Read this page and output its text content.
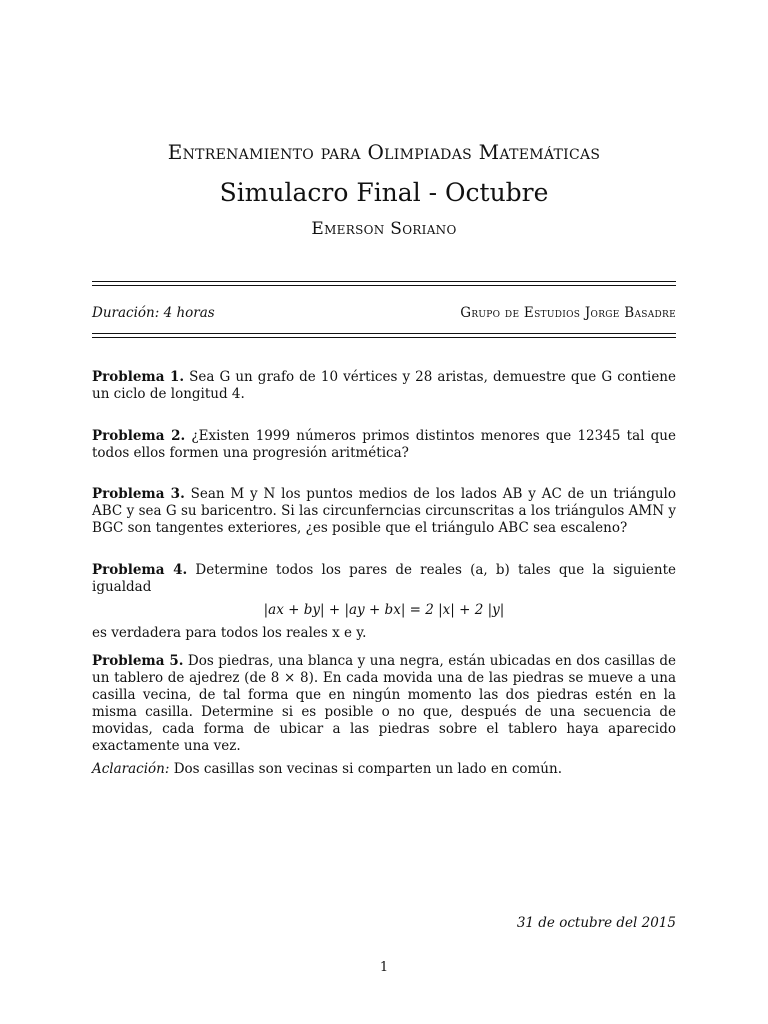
Entrenamiento para Olimpiadas Matemáticas
Simulacro Final - Octubre
Emerson Soriano
Duración: 4 horas	Grupo de Estudios Jorge Basadre
Problema 1. Sea G un grafo de 10 vértices y 28 aristas, demuestre que G contiene un ciclo de longitud 4.
Problema 2. ¿Existen 1999 números primos distintos menores que 12345 tal que todos ellos formen una progresión aritmética?
Problema 3. Sean M y N los puntos medios de los lados AB y AC de un triángulo ABC y sea G su baricentro. Si las circunferncias circunscritas a los triángulos AMN y BGC son tangentes exteriores, ¿es posible que el triángulo ABC sea escaleno?
Problema 4. Determine todos los pares de reales (a, b) tales que la siguiente igualdad
|ax + by| + |ay + bx| = 2 |x| + 2 |y|
es verdadera para todos los reales x e y.
Problema 5. Dos piedras, una blanca y una negra, están ubicadas en dos casillas de un tablero de ajedrez (de 8 × 8). En cada movida una de las piedras se mueve a una casilla vecina, de tal forma que en ningún momento las dos piedras estén en la misma casilla. Determine si es posible o no que, después de una secuencia de movidas, cada forma de ubicar a las piedras sobre el tablero haya aparecido exactamente una vez.
Aclaración: Dos casillas son vecinas si comparten un lado en común.
31 de octubre del 2015
1
